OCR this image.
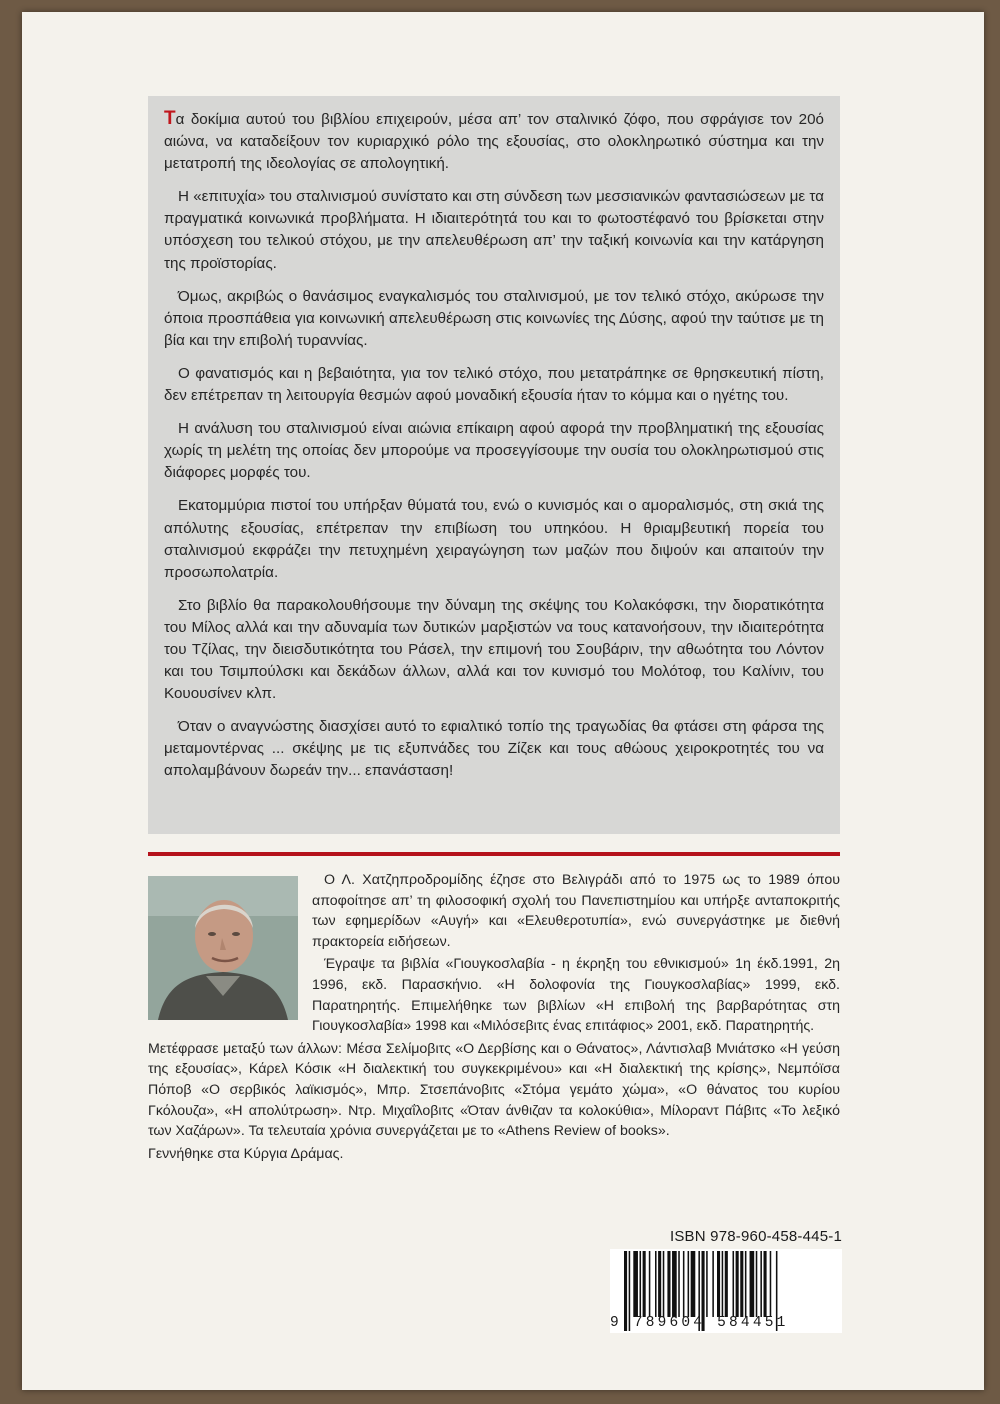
Τα δοκίμια αυτού του βιβλίου επιχειρούν, μέσα απ’ τον σταλινικό ζόφο, που σφράγισε τον 20ό αιώνα, να καταδείξουν τον κυριαρχικό ρόλο της εξουσίας, στο ολοκληρωτικό σύστημα και την μετατροπή της ιδεολογίας σε απολογητική.

Η «επιτυχία» του σταλινισμού συνίστατο και στη σύνδεση των μεσσιανικών φαντασιώσεων με τα πραγματικά κοινωνικά προβλήματα. Η ιδιαιτερότητά του και το φωτοστέφανό του βρίσκεται στην υπόσχεση του τελικού στόχου, με την απελευθέρωση απ’ την ταξική κοινωνία και την κατάργηση της προϊστορίας.

Όμως, ακριβώς ο θανάσιμος εναγκαλισμός του σταλινισμού, με τον τελικό στόχο, ακύρωσε την όποια προσπάθεια για κοινωνική απελευθέρωση στις κοινωνίες της Δύσης, αφού την ταύτισε με τη βία και την επιβολή τυραννίας.

Ο φανατισμός και η βεβαιότητα, για τον τελικό στόχο, που μετατράπηκε σε θρησκευτική πίστη, δεν επέτρεπαν τη λειτουργία θεσμών αφού μοναδική εξουσία ήταν το κόμμα και ο ηγέτης του.

Η ανάλυση του σταλινισμού είναι αιώνια επίκαιρη αφού αφορά την προβληματική της εξουσίας χωρίς τη μελέτη της οποίας δεν μπορούμε να προσεγγίσουμε την ουσία του ολοκληρωτισμού στις διάφορες μορφές του.

Εκατομμύρια πιστοί του υπήρξαν θύματά του, ενώ ο κυνισμός και ο αμοραλισμός, στη σκιά της απόλυτης εξουσίας, επέτρεπαν την επιβίωση του υπηκόου. Η θριαμβευτική πορεία του σταλινισμού εκφράζει την πετυχημένη χειραγώγηση των μαζών που διψούν και απαιτούν την προσωπολατρία.

Στο βιβλίο θα παρακολουθήσουμε την δύναμη της σκέψης του Κολακόφσκι, την διορατικότητα του Μίλος αλλά και την αδυναμία των δυτικών μαρξιστών να τους κατανοήσουν, την ιδιαιτερότητα του Τζίλας, την διεισδυτικότητα του Ράσελ, την επιμονή του Σουβάριν, την αθωότητα του Λόντον και του Τσιμπούλσκι και δεκάδων άλλων, αλλά και τον κυνισμό του Μολότοφ, του Καλίνιν, του Κουουσίνεν κλπ.

Όταν ο αναγνώστης διασχίσει αυτό το εφιαλτικό τοπίο της τραγωδίας θα φτάσει στη φάρσα της μεταμοντέρνας ... σκέψης με τις εξυπνάδες του Ζίζεκ και τους αθώους χειροκροτητές του να απολαμβάνουν δωρεάν την... επανάσταση!

Ο Λ. Χατζηπροδρομίδης έζησε στο Βελιγράδι από το 1975 ως το 1989 όπου αποφοίτησε απ’ τη φιλοσοφική σχολή του Πανεπιστημίου και υπήρξε ανταποκριτής των εφημερίδων «Αυγή» και «Ελευθεροτυπία», ενώ συνεργάστηκε με διεθνή πρακτορεία ειδήσεων.

Έγραψε τα βιβλία «Γιουγκοσλαβία - η έκρηξη του εθνικισμού» 1η έκδ.1991, 2η 1996, εκδ. Παρασκήνιο. «Η δολοφονία της Γιουγκοσλαβίας» 1999, εκδ. Παρατηρητής. Επιμελήθηκε των βιβλίων «Η επιβολή της βαρβαρότητας στη Γιουγκοσλαβία» 1998 και «Μιλόσεβιτς ένας επιτάφιος» 2001, εκδ. Παρατηρητής.

Μετέφρασε μεταξύ των άλλων: Μέσα Σελίμοβιτς «Ο Δερβίσης και ο Θάνατος», Λάντισλαβ Μνιάτσκο «Η γεύση της εξουσίας», Κάρελ Κόσικ «Η διαλεκτική του συγκεκριμένου» και «Η διαλεκτική της κρίσης», Νεμπόϊσα Πόποβ «Ο σερβικός λαϊκισμός», Μπρ. Στσεπάνοβιτς «Στόμα γεμάτο χώμα», «Ο θάνατος του κυρίου Γκόλουζα», «Η απολύτρωση». Ντρ. Μιχαΐλοβιτς «Όταν άνθιζαν τα κολοκύθια», Μίλοραντ Πάβιτς «Το λεξικό των Χαζάρων». Τα τελευταία χρόνια συνεργάζεται με το «Athens Review of books».

Γεννήθηκε στα Κύργια Δράμας.

ISBN 978-960-458-445-1
9 789604 584451
